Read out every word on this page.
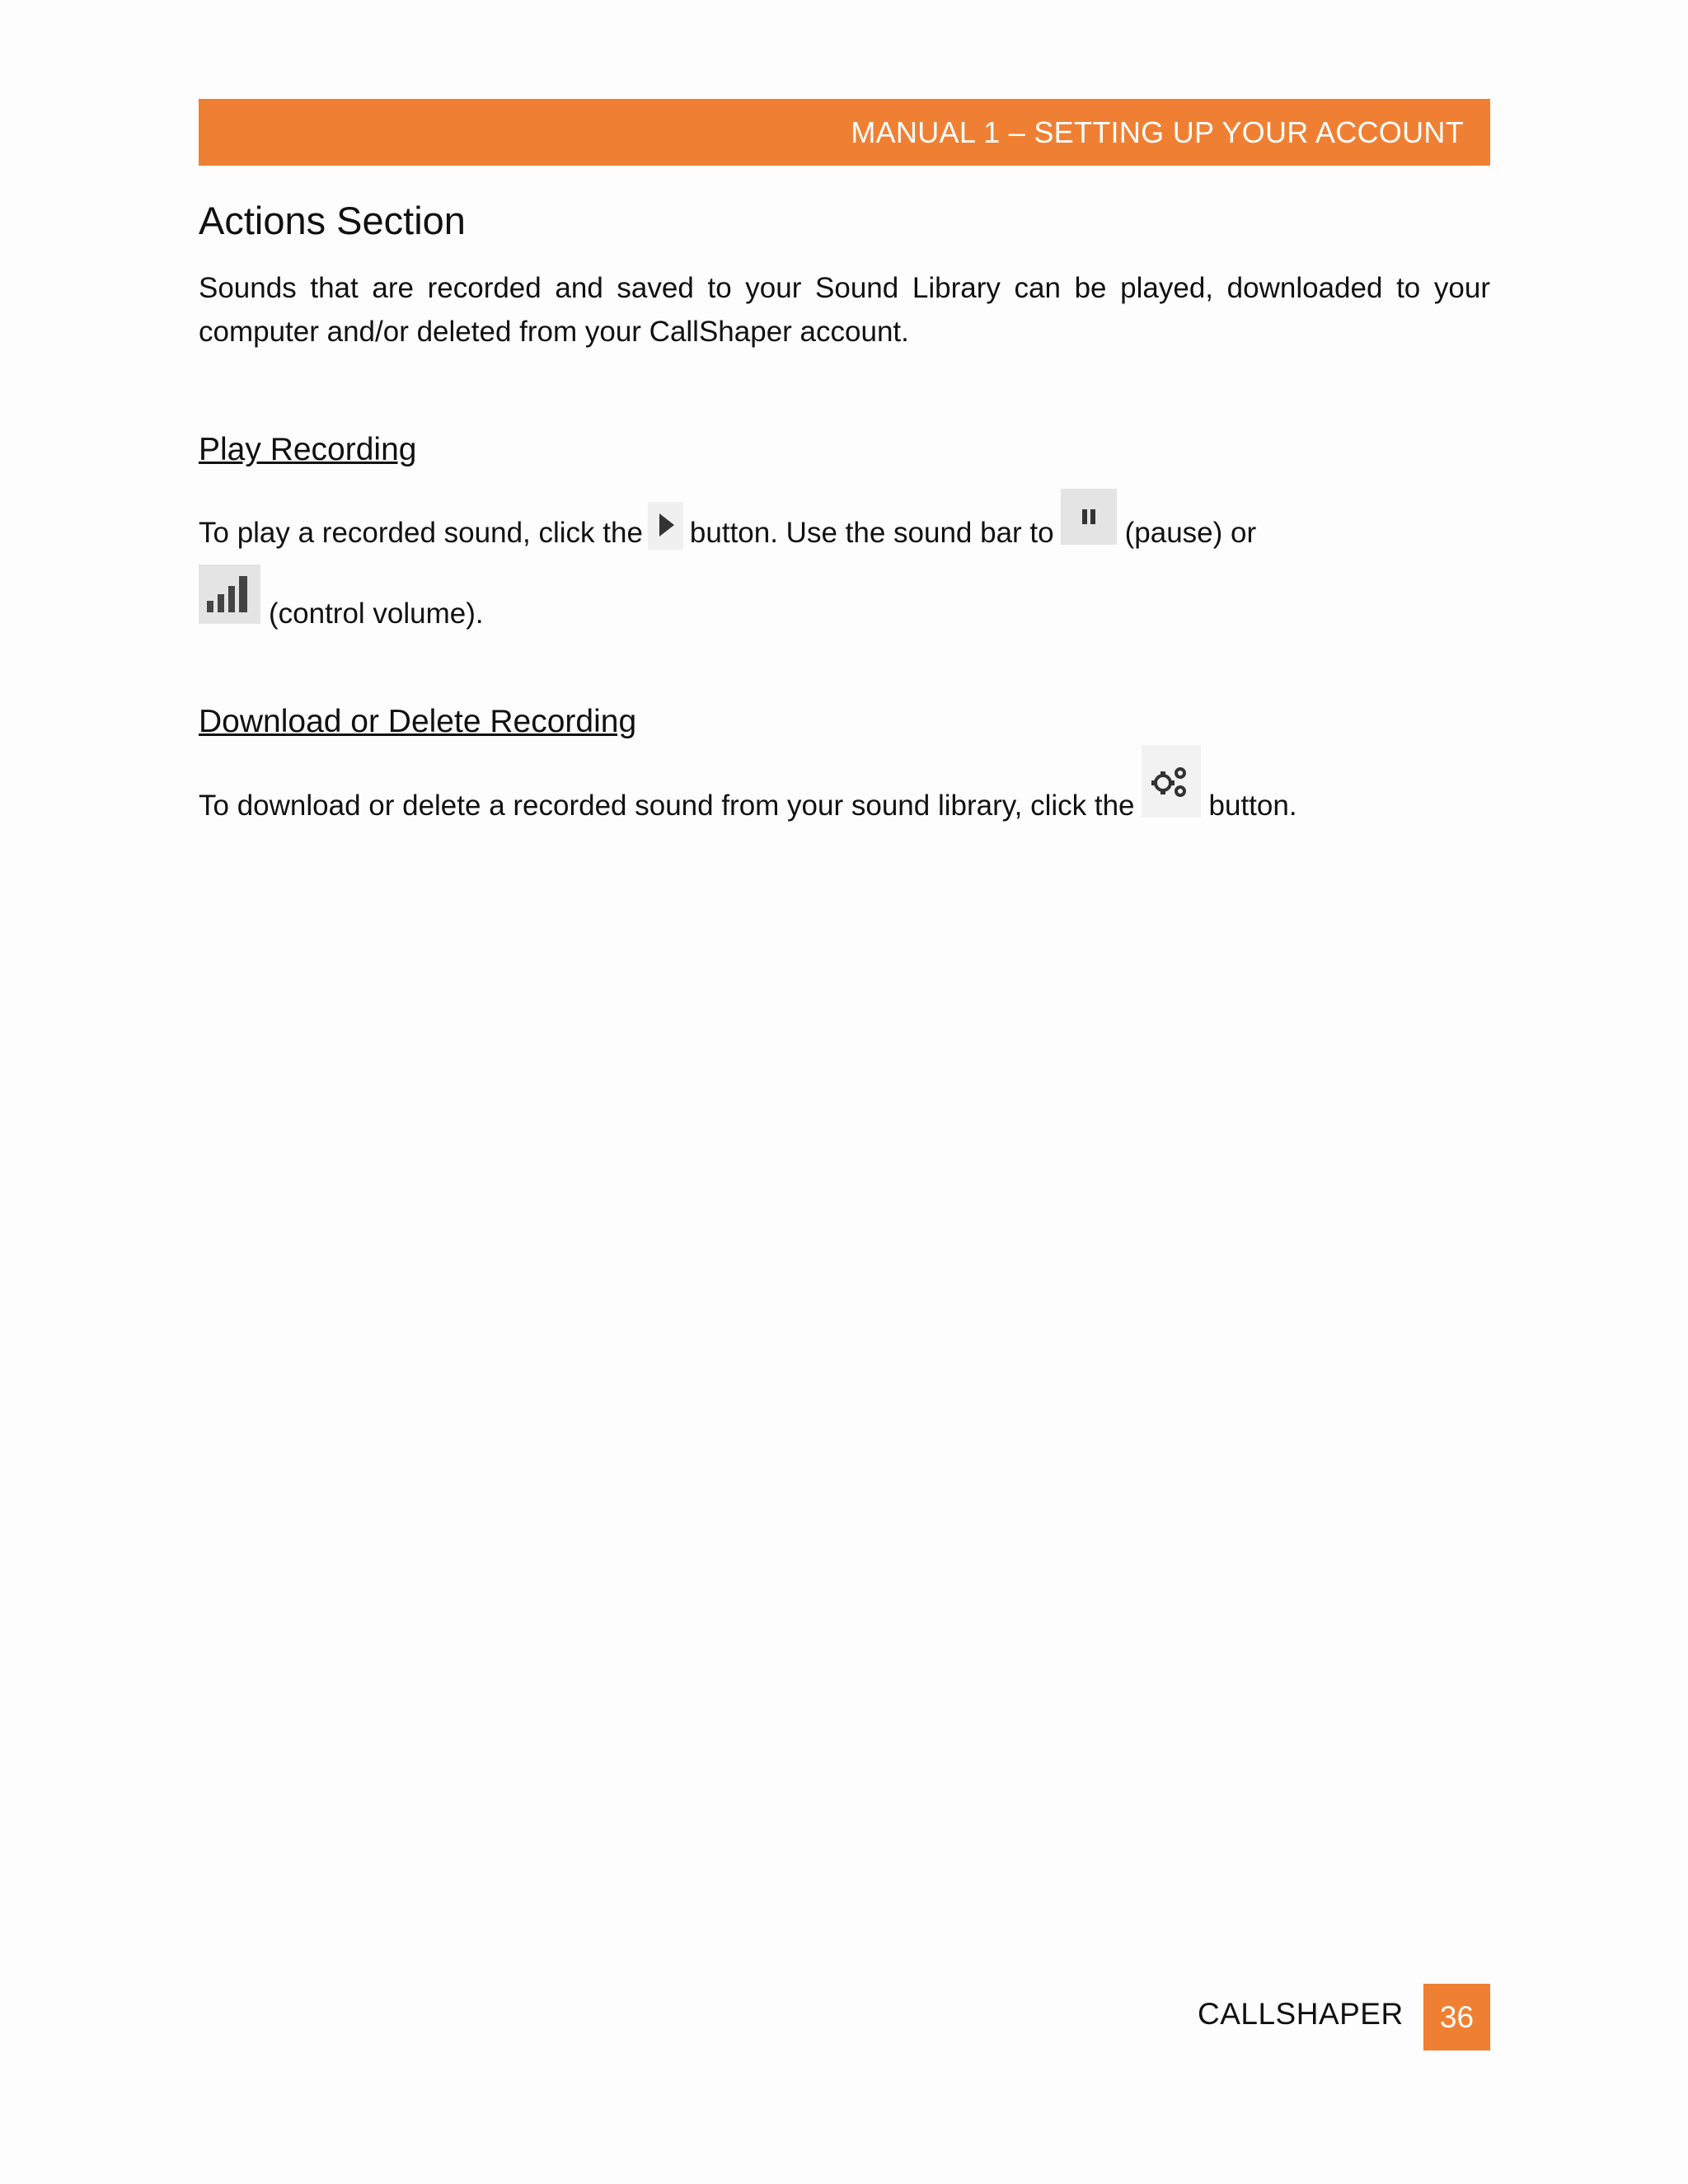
MANUAL 1 – SETTING UP YOUR ACCOUNT
Actions Section

Sounds that are recorded and saved to your Sound Library can be played, downloaded to your computer and/or deleted from your CallShaper account.

Play Recording

To play a recorded sound, click the button. Use the sound bar to (pause) or

(control volume).

Download or Delete Recording

To download or delete a recorded sound from your sound library, click the	button.

CALLSHAPER	36
